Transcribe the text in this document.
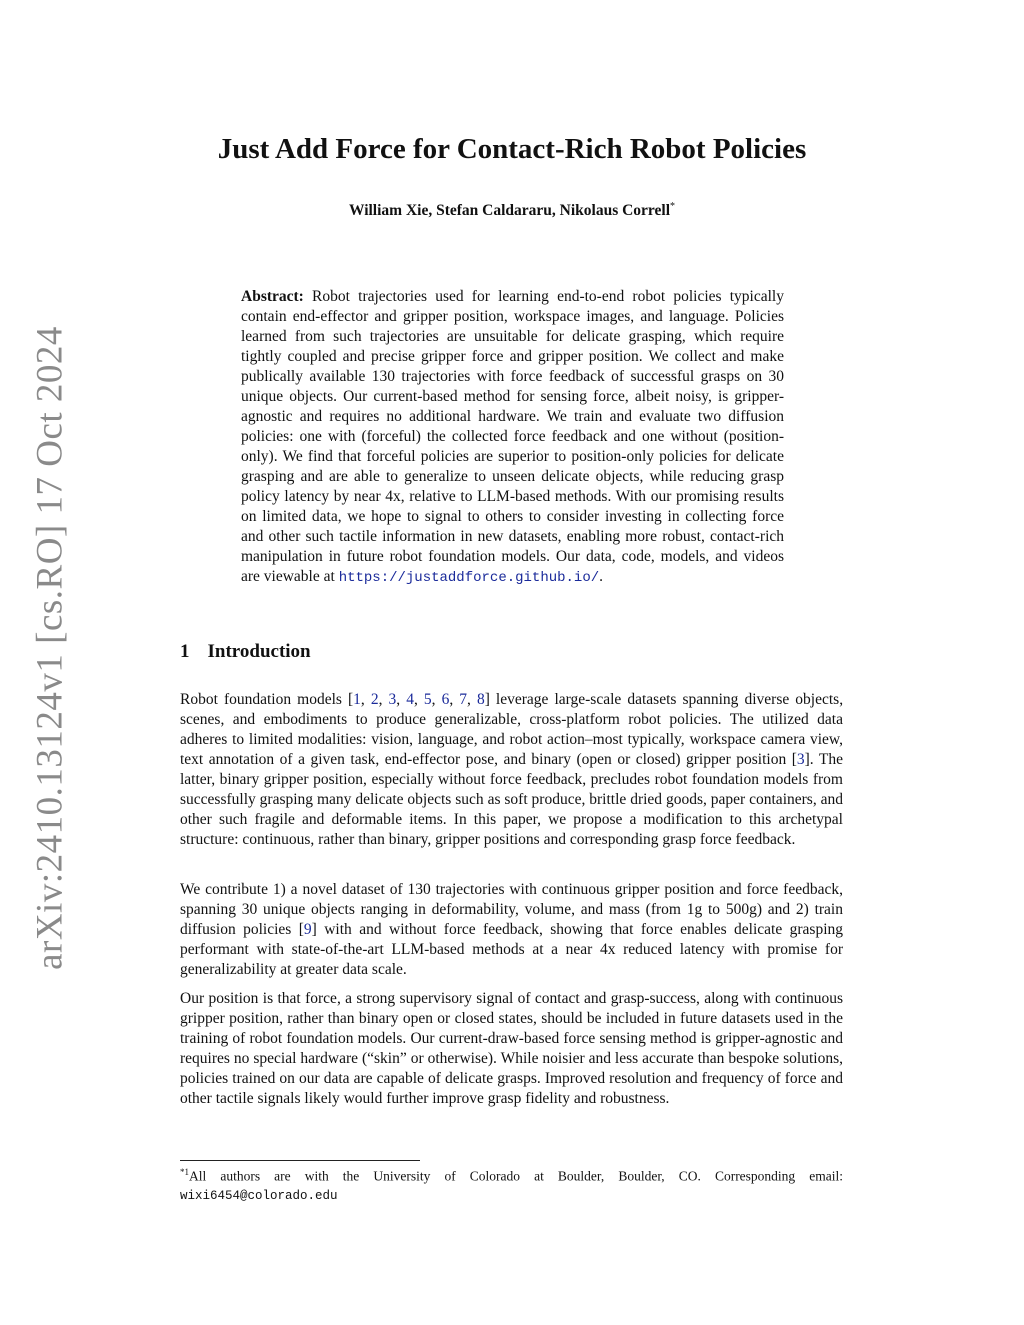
arXiv:2410.13124v1 [cs.RO] 17 Oct 2024
Just Add Force for Contact-Rich Robot Policies
William Xie, Stefan Caldararu, Nikolaus Correll*

Abstract: Robot trajectories used for learning end-to-end robot policies typically contain end-effector and gripper position, workspace images, and language. Policies learned from such trajectories are unsuitable for delicate grasping, which require tightly coupled and precise gripper force and gripper position. We collect and make publically available 130 trajectories with force feedback of successful grasps on 30 unique objects. Our current-based method for sensing force, albeit noisy, is gripper-agnostic and requires no additional hardware. We train and evaluate two diffusion policies: one with (forceful) the collected force feedback and one without (position-only). We find that forceful policies are superior to position-only policies for delicate grasping and are able to generalize to unseen delicate objects, while reducing grasp policy latency by near 4x, relative to LLM-based methods. With our promising results on limited data, we hope to signal to others to consider investing in collecting force and other such tactile information in new datasets, enabling more robust, contact-rich manipulation in future robot foundation models. Our data, code, models, and videos are viewable at https://justaddforce.github.io/.

1 Introduction

Robot foundation models [1, 2, 3, 4, 5, 6, 7, 8] leverage large-scale datasets spanning diverse objects, scenes, and embodiments to produce generalizable, cross-platform robot policies. The utilized data adheres to limited modalities: vision, language, and robot action–most typically, workspace camera view, text annotation of a given task, end-effector pose, and binary (open or closed) gripper position [3]. The latter, binary gripper position, especially without force feedback, precludes robot foundation models from successfully grasping many delicate objects such as soft produce, brittle dried goods, paper containers, and other such fragile and deformable items. In this paper, we propose a modification to this archetypal structure: continuous, rather than binary, gripper positions and corresponding grasp force feedback.

We contribute 1) a novel dataset of 130 trajectories with continuous gripper position and force feedback, spanning 30 unique objects ranging in deformability, volume, and mass (from 1g to 500g) and 2) train diffusion policies [9] with and without force feedback, showing that force enables delicate grasping performant with state-of-the-art LLM-based methods at a near 4x reduced latency with promise for generalizability at greater data scale.

Our position is that force, a strong supervisory signal of contact and grasp-success, along with continuous gripper position, rather than binary open or closed states, should be included in future datasets used in the training of robot foundation models. Our current-draw-based force sensing method is gripper-agnostic and requires no special hardware (“skin” or otherwise). While noisier and less accurate than bespoke solutions, policies trained on our data are capable of delicate grasps. Improved resolution and frequency of force and other tactile signals likely would further improve grasp fidelity and robustness.

$^{*1}$All authors are with the University of Colorado at Boulder, Boulder, CO. Corresponding email: wixi6454@colorado.edu
